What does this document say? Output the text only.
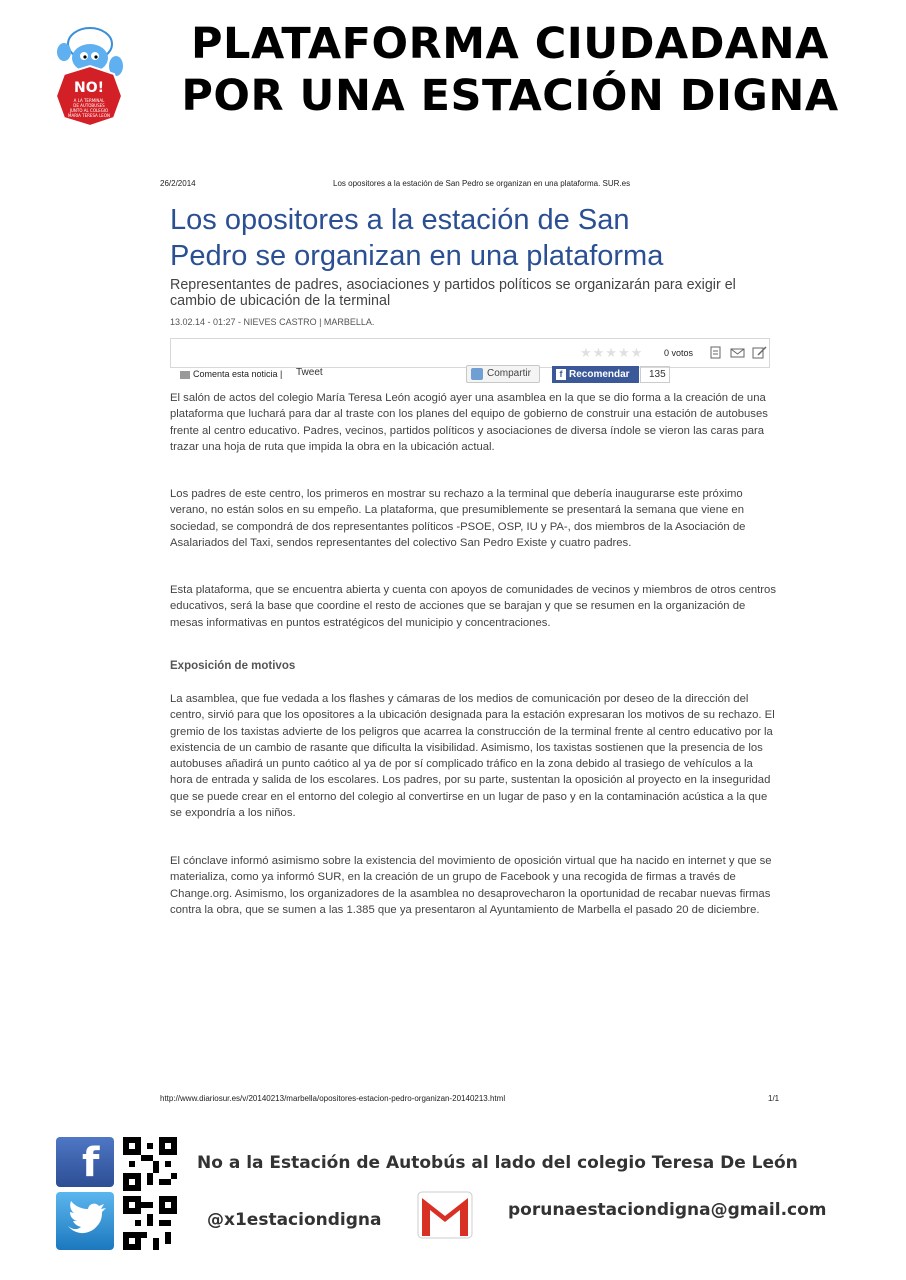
NO!
A LA TERMINAL
DE AUTOBUSES
JUNTO AL COLEGIO
MARIA TERESA LEON
PLATAFORMA CIUDADANA
POR UNA ESTACIÓN DIGNA
26/2/2014	Los opositores a la estación de San Pedro se organizan en una plataforma. SUR.es
Los opositores a la estación de San
Pedro se organizan en una plataforma
Representantes de padres, asociaciones y partidos políticos se organizarán para exigir el cambio de ubicación de la terminal
13.02.14 - 01:27 - NIEVES CASTRO | MARBELLA.
★★★★★ 0 votos
Comenta esta noticia | Tweet	Compartir	f Recomendar	135

El salón de actos del colegio María Teresa León acogió ayer una asamblea en la que se dio forma a la creación de una plataforma que luchará para dar al traste con los planes del equipo de gobierno de construir una estación de autobuses frente al centro educativo. Padres, vecinos, partidos políticos y asociaciones de diversa índole se vieron las caras para trazar una hoja de ruta que impida la obra en la ubicación actual.

Los padres de este centro, los primeros en mostrar su rechazo a la terminal que debería inaugurarse este próximo verano, no están solos en su empeño. La plataforma, que presumiblemente se presentará la semana que viene en sociedad, se compondrá de dos representantes políticos -PSOE, OSP, IU y PA-, dos miembros de la Asociación de Asalariados del Taxi, sendos representantes del colectivo San Pedro Existe y cuatro padres.

Esta plataforma, que se encuentra abierta y cuenta con apoyos de comunidades de vecinos y miembros de otros centros educativos, será la base que coordine el resto de acciones que se barajan y que se resumen en la organización de mesas informativas en puntos estratégicos del municipio y concentraciones.

Exposición de motivos

La asamblea, que fue vedada a los flashes y cámaras de los medios de comunicación por deseo de la dirección del centro, sirvió para que los opositores a la ubicación designada para la estación expresaran los motivos de su rechazo. El gremio de los taxistas advierte de los peligros que acarrea la construcción de la terminal frente al centro educativo por la existencia de un cambio de rasante que dificulta la visibilidad. Asimismo, los taxistas sostienen que la presencia de los autobuses añadirá un punto caótico al ya de por sí complicado tráfico en la zona debido al trasiego de vehículos a la hora de entrada y salida de los escolares. Los padres, por su parte, sustentan la oposición al proyecto en la inseguridad que se puede crear en el entorno del colegio al convertirse en un lugar de paso y en la contaminación acústica a la que se expondría a los niños.

El cónclave informó asimismo sobre la existencia del movimiento de oposición virtual que ha nacido en internet y que se materializa, como ya informó SUR, en la creación de un grupo de Facebook y una recogida de firmas a través de Change.org. Asimismo, los organizadores de la asamblea no desaprovecharon la oportunidad de recabar nuevas firmas contra la obra, que se sumen a las 1.385 que ya presentaron al Ayuntamiento de Marbella el pasado 20 de diciembre.

http://www.diariosur.es/v/20140213/marbella/opositores-estacion-pedro-organizan-20140213.html	1/1
f	No a la Estación de Autobús al lado del colegio Teresa De León
@x1estaciondigna	porunaestaciondigna@gmail.com
